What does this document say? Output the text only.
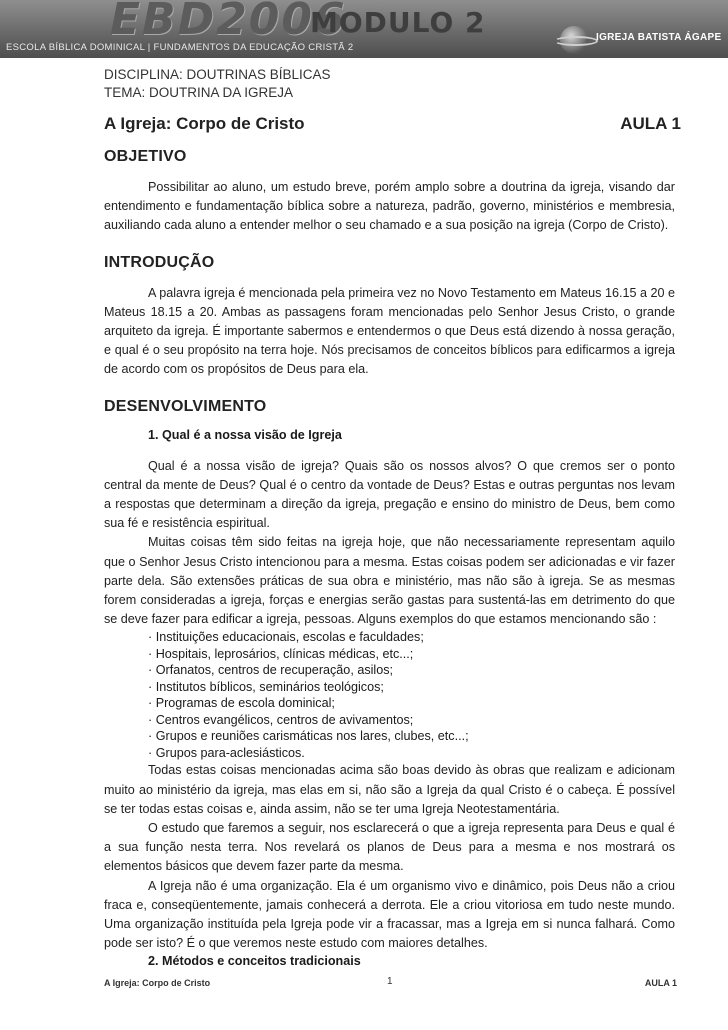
EBD2006
MODULO 2
ESCOLA BÍBLICA DOMINICAL | FUNDAMENTOS DA EDUCAÇÃO CRISTÃ 2
IGREJA BATISTA ÁGAPE
DISCIPLINA: DOUTRINAS BÍBLICAS
TEMA: DOUTRINA DA IGREJA
A Igreja: Corpo de Cristo	AULA 1
OBJETIVO

Possibilitar ao aluno, um estudo breve, porém amplo sobre a doutrina da igreja, visando dar entendimento e fundamentação bíblica sobre a natureza, padrão, governo, ministérios e membresia, auxiliando cada aluno a entender melhor o seu chamado e a sua posição na igreja (Corpo de Cristo).

INTRODUÇÃO

A palavra igreja é mencionada pela primeira vez no Novo Testamento em Mateus 16.15 a 20 e Mateus 18.15 a 20. Ambas as passagens foram mencionadas pelo Senhor Jesus Cristo, o grande arquiteto da igreja. É importante sabermos e entendermos o que Deus está dizendo à nossa geração, e qual é o seu propósito na terra hoje. Nós precisamos de conceitos bíblicos para edificarmos a igreja de acordo com os propósitos de Deus para ela.

DESENVOLVIMENTO
1. Qual é a nossa visão de Igreja

Qual é a nossa visão de igreja? Quais são os nossos alvos? O que cremos ser o ponto central da mente de Deus? Qual é o centro da vontade de Deus? Estas e outras perguntas nos levam a respostas que determinam a direção da igreja, pregação e ensino do ministro de Deus, bem como sua fé e resistência espiritual.

Muitas coisas têm sido feitas na igreja hoje, que não necessariamente representam aquilo que o Senhor Jesus Cristo intencionou para a mesma. Estas coisas podem ser adicionadas e vir fazer parte dela. São extensões práticas de sua obra e ministério, mas não são à igreja. Se as mesmas forem consideradas a igreja, forças e energias serão gastas para sustentá-las em detrimento do que se deve fazer para edificar a igreja, pessoas. Alguns exemplos do que estamos mencionando são :

· Instituições educacionais, escolas e faculdades;
· Hospitais, leprosários, clínicas médicas, etc...;
· Orfanatos, centros de recuperação, asilos;
· Institutos bíblicos, seminários teológicos;
· Programas de escola dominical;
· Centros evangélicos, centros de avivamentos;
· Grupos e reuniões carismáticas nos lares, clubes, etc...;
· Grupos para-aclesiásticos.

Todas estas coisas mencionadas acima são boas devido às obras que realizam e adicionam muito ao ministério da igreja, mas elas em si, não são a Igreja da qual Cristo é o cabeça. É possível se ter todas estas coisas e, ainda assim, não se ter uma Igreja Neotestamentária.

O estudo que faremos a seguir, nos esclarecerá o que a igreja representa para Deus e qual é a sua função nesta terra. Nos revelará os planos de Deus para a mesma e nos mostrará os elementos básicos que devem fazer parte da mesma.

A Igreja não é uma organização. Ela é um organismo vivo e dinâmico, pois Deus não a criou fraca e, conseqüentemente, jamais conhecerá a derrota. Ele a criou vitoriosa em tudo neste mundo. Uma organização instituída pela Igreja pode vir a fracassar, mas a Igreja em si nunca falhará. Como pode ser isto? É o que veremos neste estudo com maiores detalhes.

2. Métodos e conceitos tradicionais
A Igreja: Corpo de Cristo	1	AULA 1
